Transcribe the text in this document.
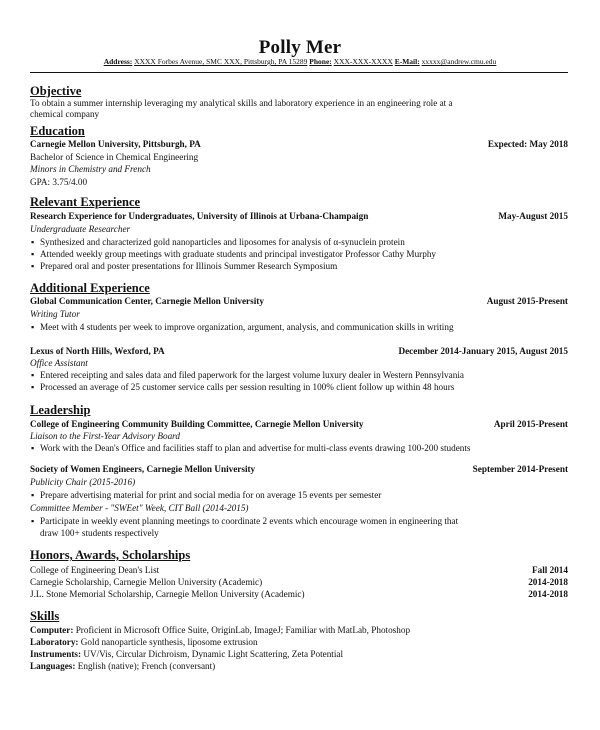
Polly Mer
Address: XXXX Forbes Avenue, SMC XXX, Pittsburgh, PA 15289 Phone: XXX-XXX-XXXX E-Mail: xxxxx@andrew.cmu.edu
Objective
To obtain a summer internship leveraging my analytical skills and laboratory experience in an engineering role at a
chemical company
Education
Carnegie Mellon University, Pittsburgh, PA	Expected: May 2018
Bachelor of Science in Chemical Engineering
Minors in Chemistry and French
GPA: 3.75/4.00
Relevant Experience
Research Experience for Undergraduates, University of Illinois at Urbana-Champaign	May-August 2015
Undergraduate Researcher
▪ Synthesized and characterized gold nanoparticles and liposomes for analysis of α-synuclein protein
▪ Attended weekly group meetings with graduate students and principal investigator Professor Cathy Murphy
▪ Prepared oral and poster presentations for Illinois Summer Research Symposium
Additional Experience
Global Communication Center, Carnegie Mellon University	August 2015-Present
Writing Tutor
▪ Meet with 4 students per week to improve organization, argument, analysis, and communication skills in writing
Lexus of North Hills, Wexford, PA	December 2014-January 2015, August 2015
Office Assistant
▪ Entered receipting and sales data and filed paperwork for the largest volume luxury dealer in Western Pennsylvania
▪ Processed an average of 25 customer service calls per session resulting in 100% client follow up within 48 hours
Leadership
College of Engineering Community Building Committee, Carnegie Mellon University	April 2015-Present
Liaison to the First-Year Advisory Board
▪ Work with the Dean's Office and facilities staff to plan and advertise for multi-class events drawing 100-200 students
Society of Women Engineers, Carnegie Mellon University	September 2014-Present
Publicity Chair (2015-2016)
▪ Prepare advertising material for print and social media for on average 15 events per semester
Committee Member - "SWEet" Week, CIT Ball (2014-2015)
▪ Participate in weekly event planning meetings to coordinate 2 events which encourage women in engineering that
draw 100+ students respectively
Honors, Awards, Scholarships
College of Engineering Dean's List	Fall 2014
Carnegie Scholarship, Carnegie Mellon University (Academic)	2014-2018
J.L. Stone Memorial Scholarship, Carnegie Mellon University (Academic)	2014-2018
Skills
Computer: Proficient in Microsoft Office Suite, OriginLab, ImageJ; Familiar with MatLab, Photoshop
Laboratory: Gold nanoparticle synthesis, liposome extrusion
Instruments: UV/Vis, Circular Dichroism, Dynamic Light Scattering, Zeta Potential
Languages: English (native); French (conversant)
